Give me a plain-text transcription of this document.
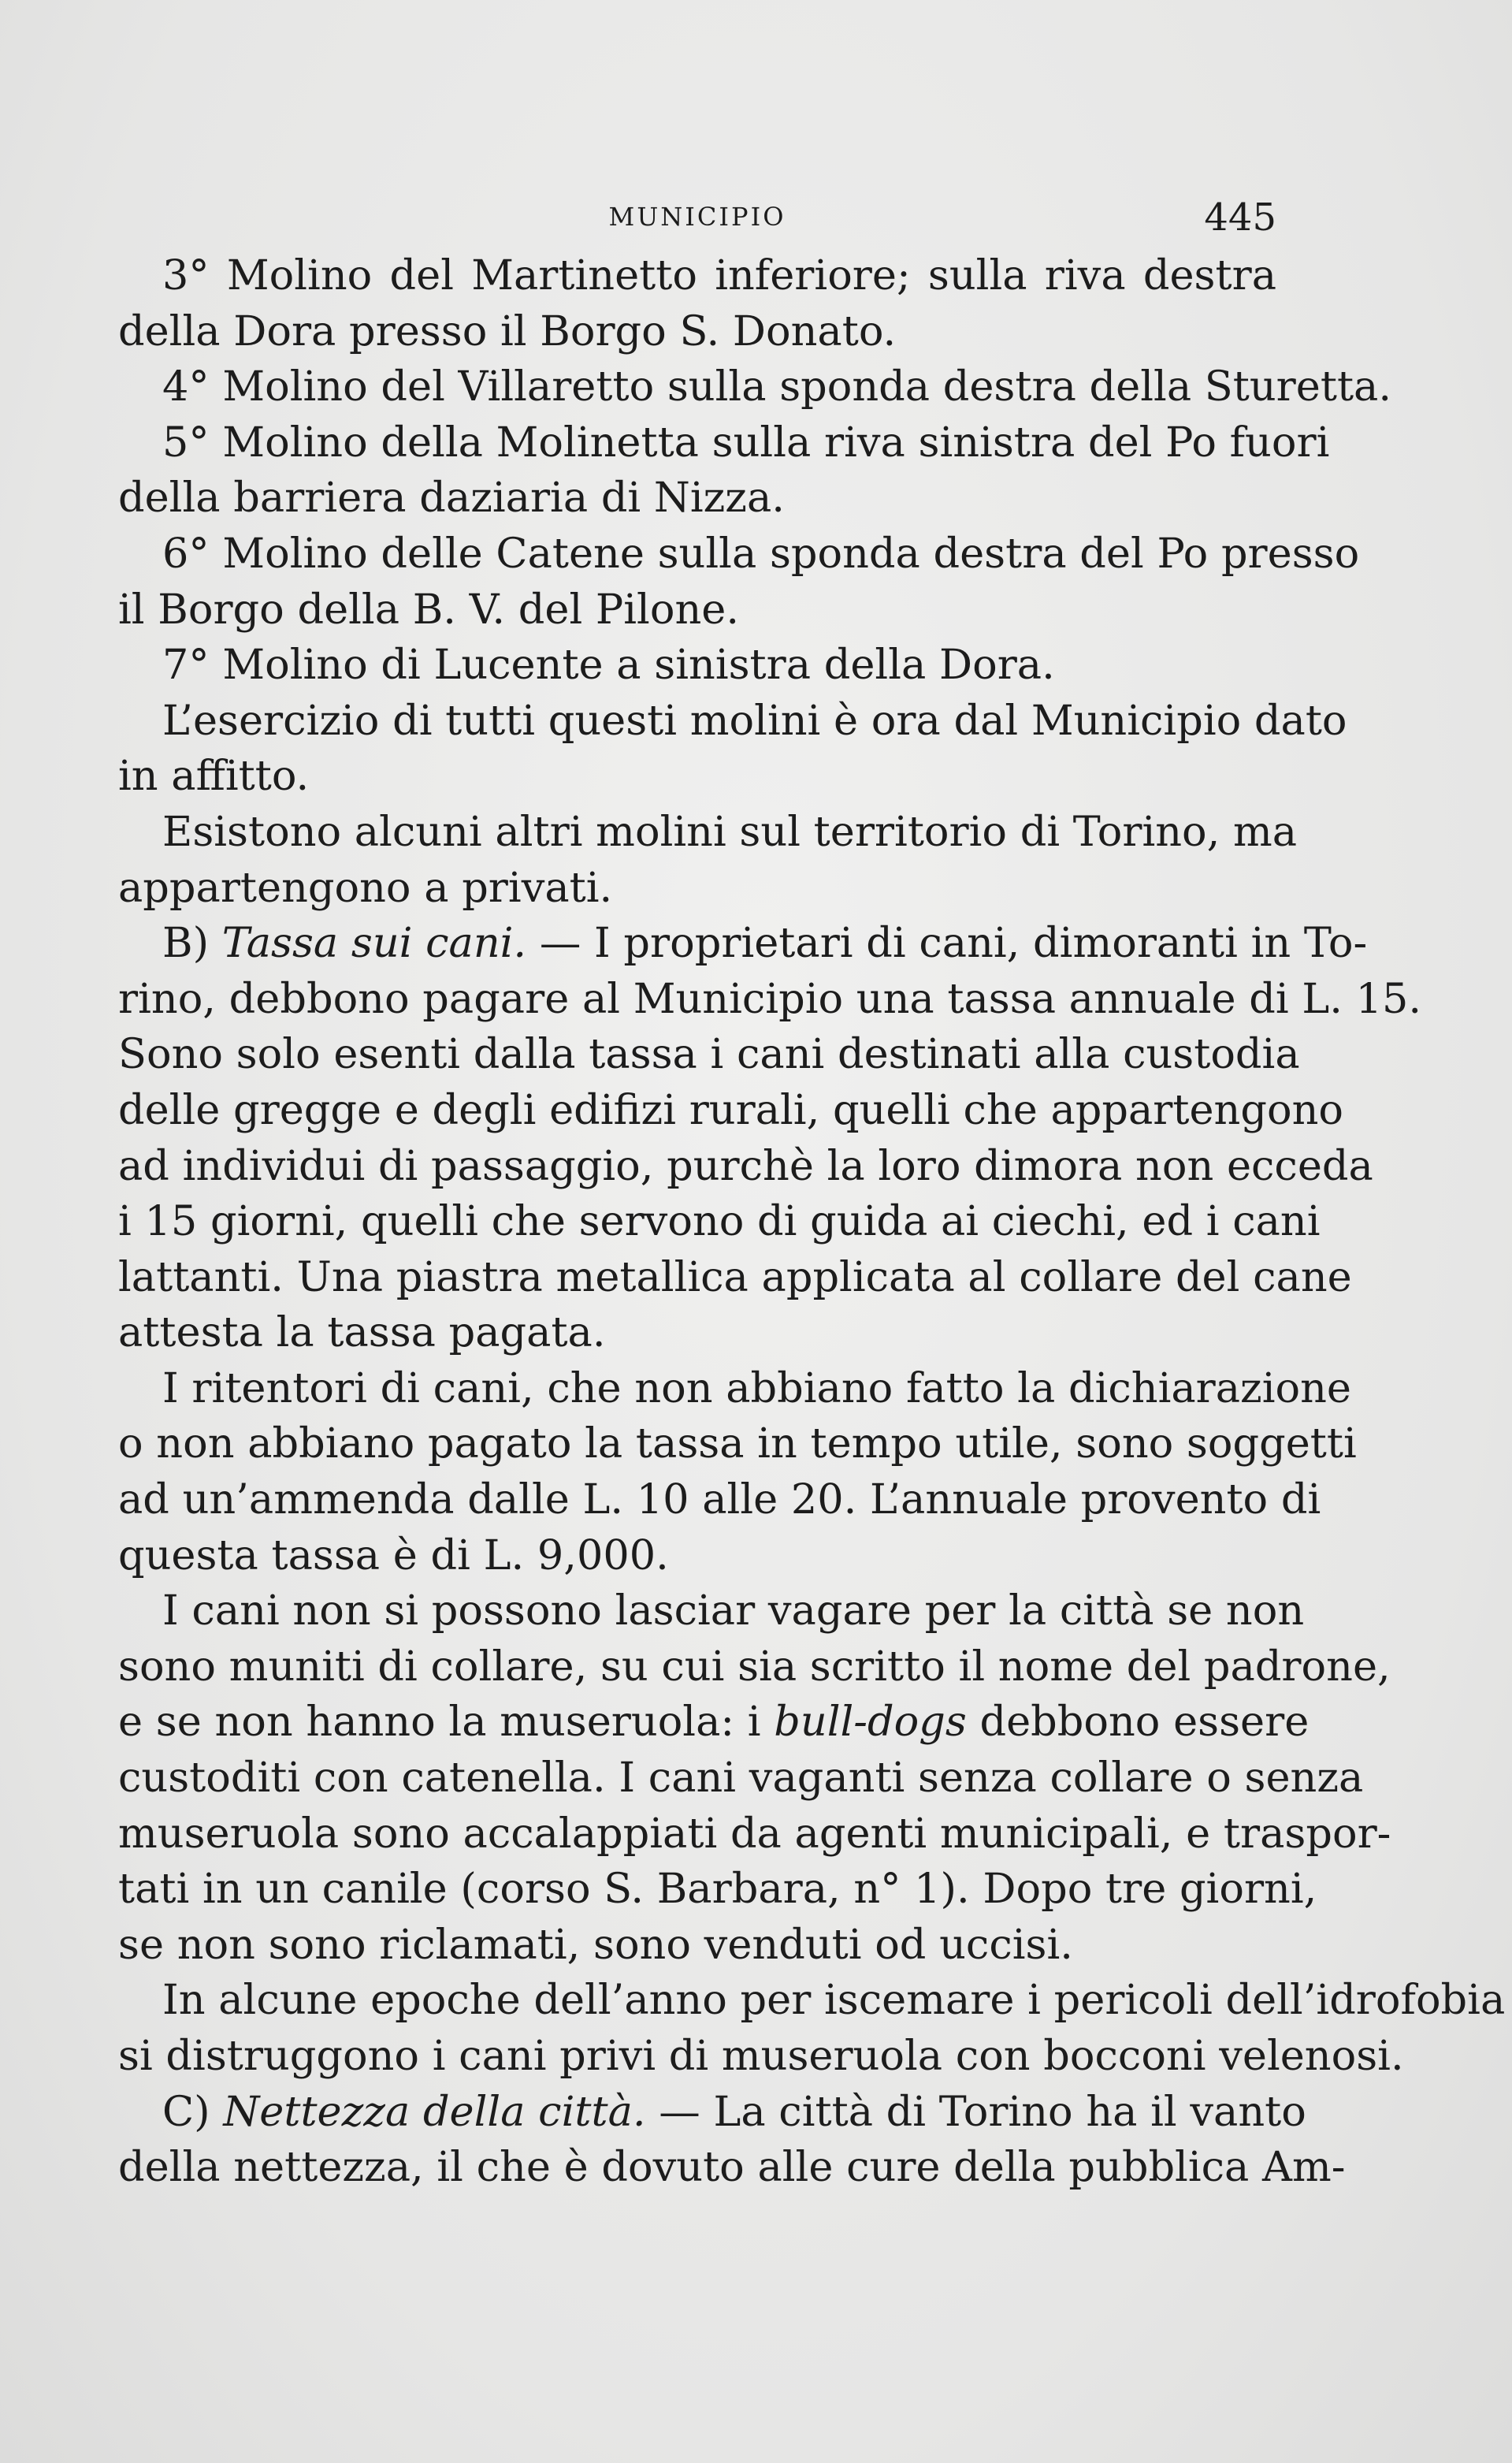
MUNICIPIO	445
3° Molino del Martinetto inferiore; sulla riva destra
della Dora presso il Borgo S. Donato.
4° Molino del Villaretto sulla sponda destra della Sturetta.
5° Molino della Molinetta sulla riva sinistra del Po fuori
della barriera daziaria di Nizza.
6° Molino delle Catene sulla sponda destra del Po presso
il Borgo della B. V. del Pilone.
7° Molino di Lucente a sinistra della Dora.
L’esercizio di tutti questi molini è ora dal Municipio dato
in affitto.
Esistono alcuni altri molini sul territorio di Torino, ma
appartengono a privati.
B) Tassa sui cani. — I proprietari di cani, dimoranti in To-
rino, debbono pagare al Municipio una tassa annuale di L. 15.
Sono solo esenti dalla tassa i cani destinati alla custodia
delle gregge e degli edifizi rurali, quelli che appartengono
ad individui di passaggio, purchè la loro dimora non ecceda
i 15 giorni, quelli che servono di guida ai ciechi, ed i cani
lattanti. Una piastra metallica applicata al collare del cane
attesta la tassa pagata.
I ritentori di cani, che non abbiano fatto la dichiarazione
o non abbiano pagato la tassa in tempo utile, sono soggetti
ad un’ammenda dalle L. 10 alle 20. L’annuale provento di
questa tassa è di L. 9,000.
I cani non si possono lasciar vagare per la città se non
sono muniti di collare, su cui sia scritto il nome del padrone,
e se non hanno la museruola: i bull-dogs debbono essere
custoditi con catenella. I cani vaganti senza collare o senza
museruola sono accalappiati da agenti municipali, e traspor-
tati in un canile (corso S. Barbara, n° 1). Dopo tre giorni,
se non sono riclamati, sono venduti od uccisi.
In alcune epoche dell’anno per iscemare i pericoli dell’idrofobia
si distruggono i cani privi di museruola con bocconi velenosi.
C) Nettezza della città. — La città di Torino ha il vanto
della nettezza, il che è dovuto alle cure della pubblica Am-
